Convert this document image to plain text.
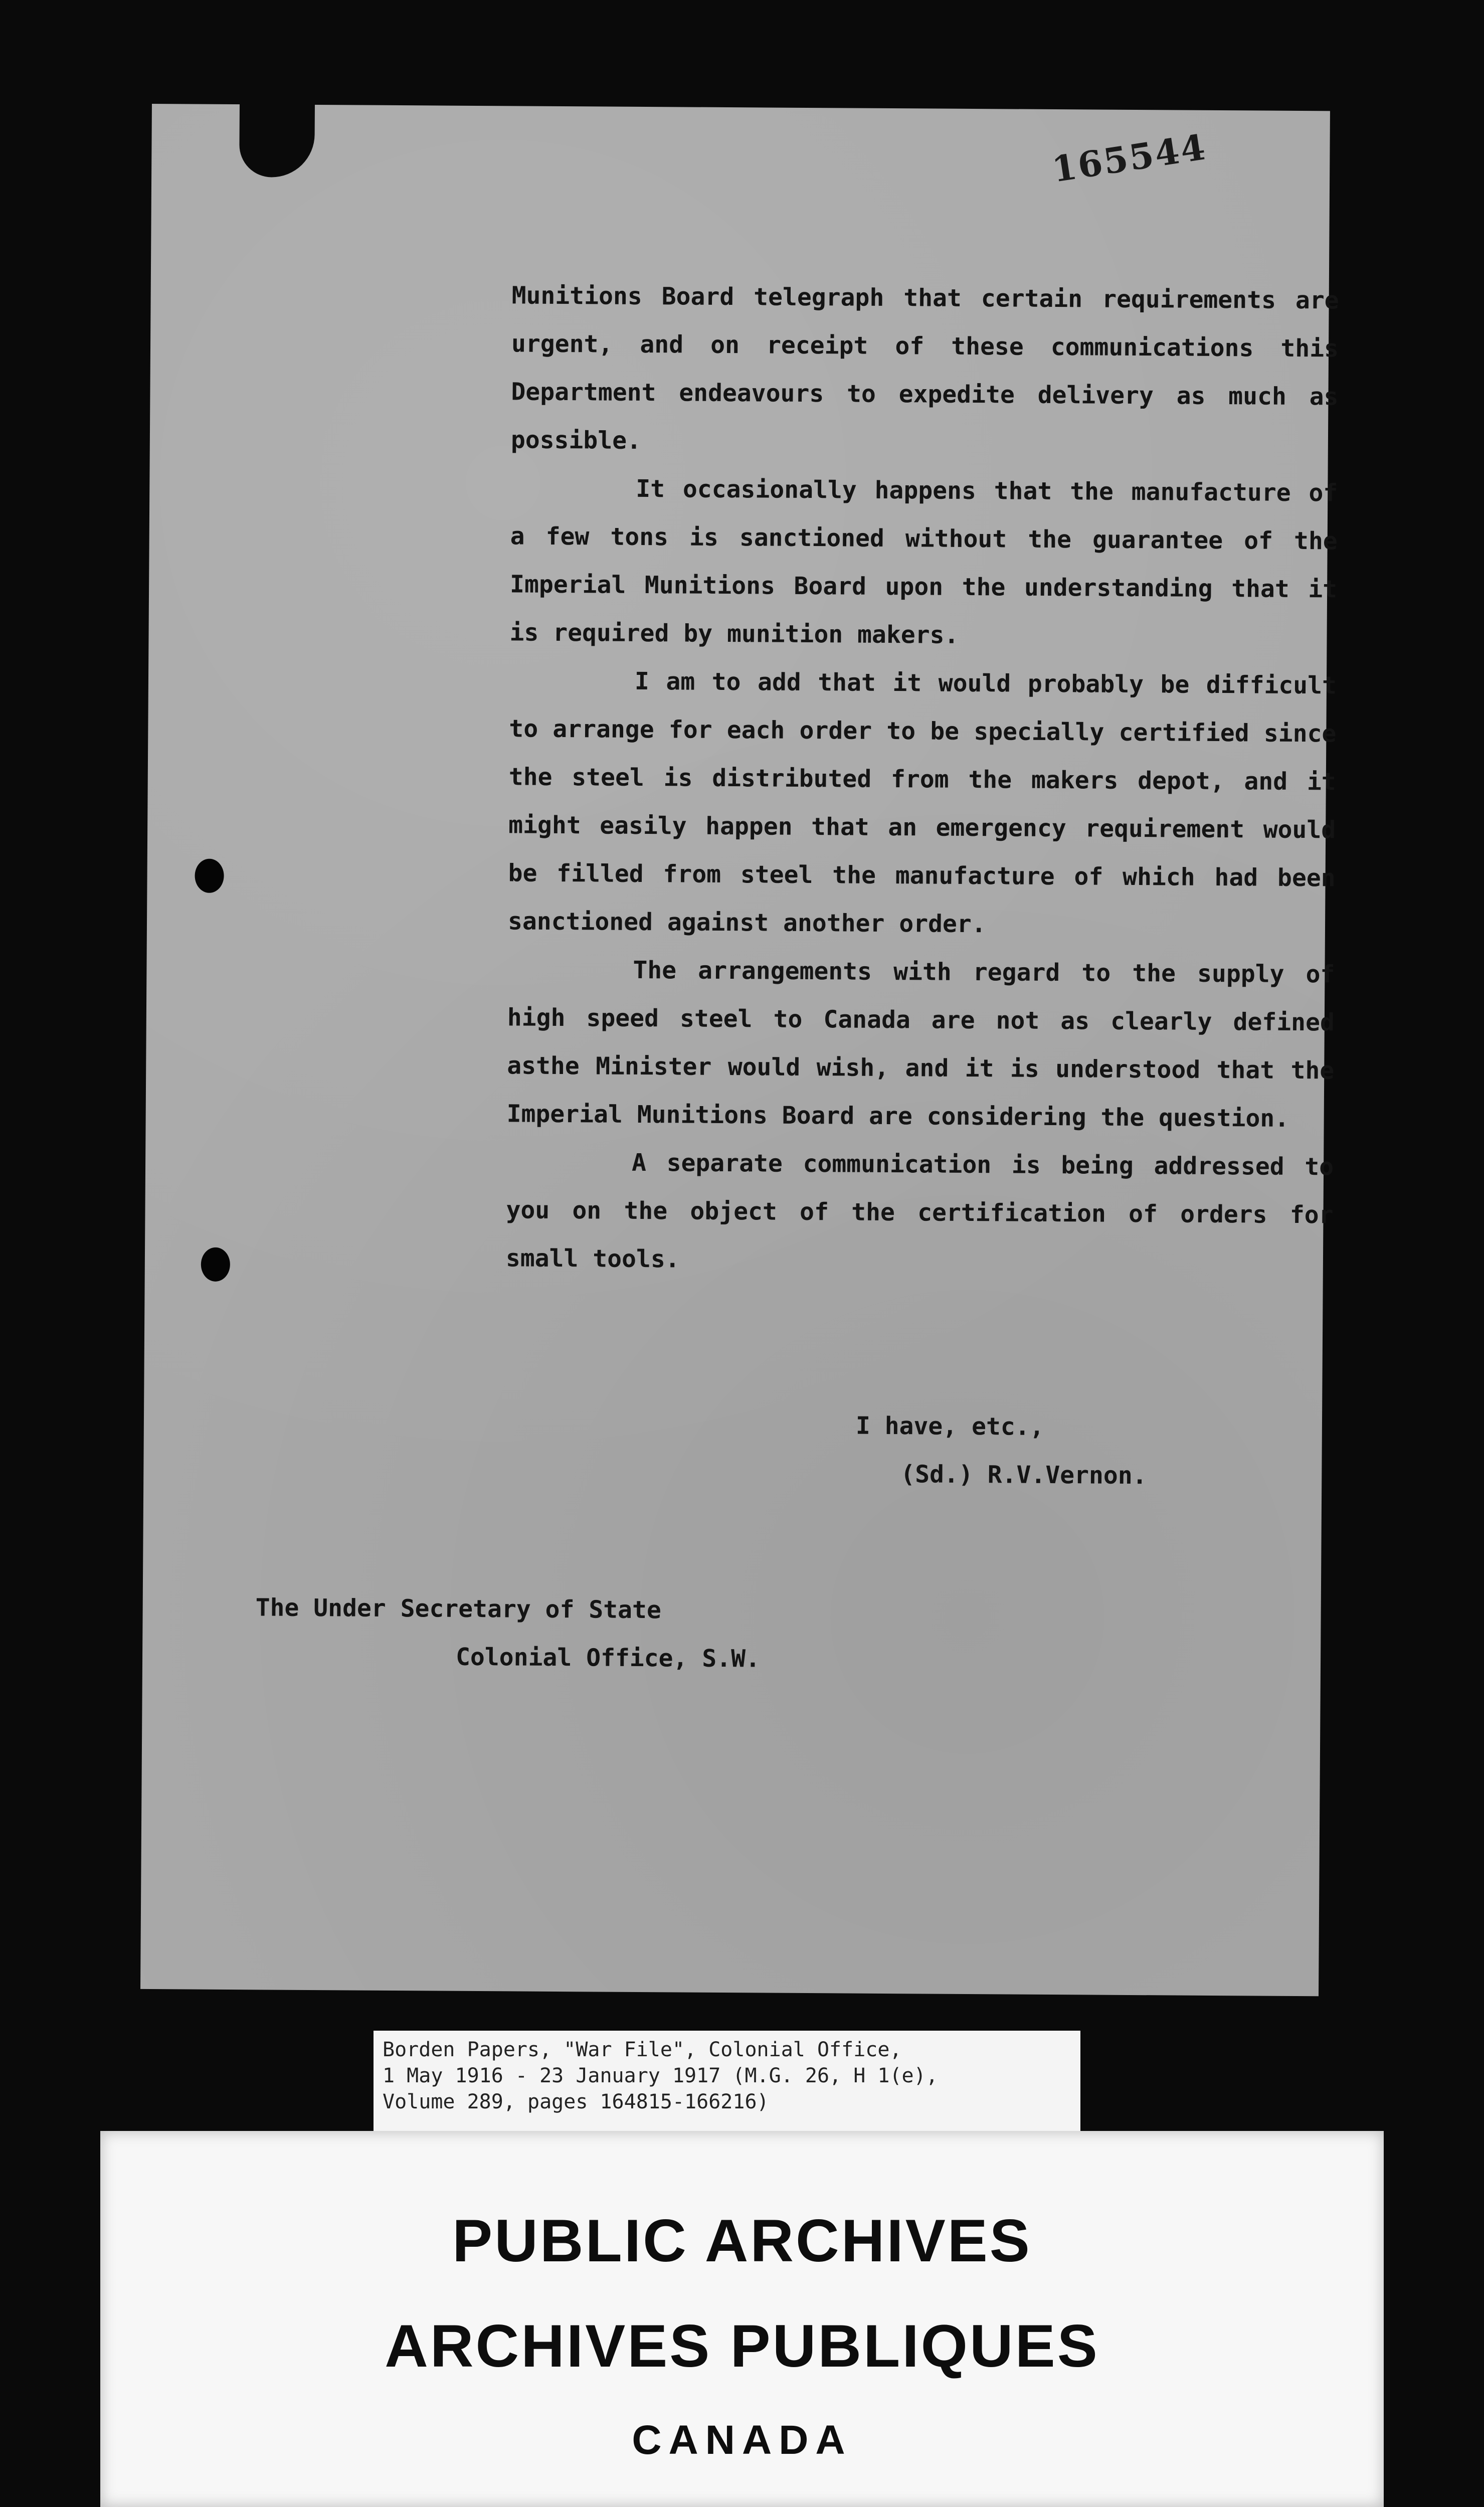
165544

Munitions Board telegraph that certain requirements are urgent, and on receipt of these communications this Department endeavours to expedite delivery as much as possible.

It occasionally happens that the manufacture of a few tons is sanctioned without the guarantee of the Imperial Munitions Board upon the understanding that it is required by munition makers.

I am to add that it would probably be difficult to arrange for each order to be specially certified since the steel is distributed from the makers depot, and it might easily happen that an emergency requirement would be filled from steel the manufacture of which had been sanctioned against another order.

The arrangements with regard to the supply of high speed steel to Canada are not as clearly defined asthe Minister would wish, and it is understood that the Imperial Munitions Board are considering the question.

A separate communication is being addressed to you on the object of the certification of orders for small tools.

I have, etc.,
(Sd.) R.V.Vernon.
The Under Secretary of State
Colonial Office, S.W.
Borden Papers, "War File", Colonial Office,
1 May 1916 - 23 January 1917 (M.G. 26, H 1(e),
Volume 289, pages 164815-166216)
PUBLIC ARCHIVES
ARCHIVES PUBLIQUES
CANADA
